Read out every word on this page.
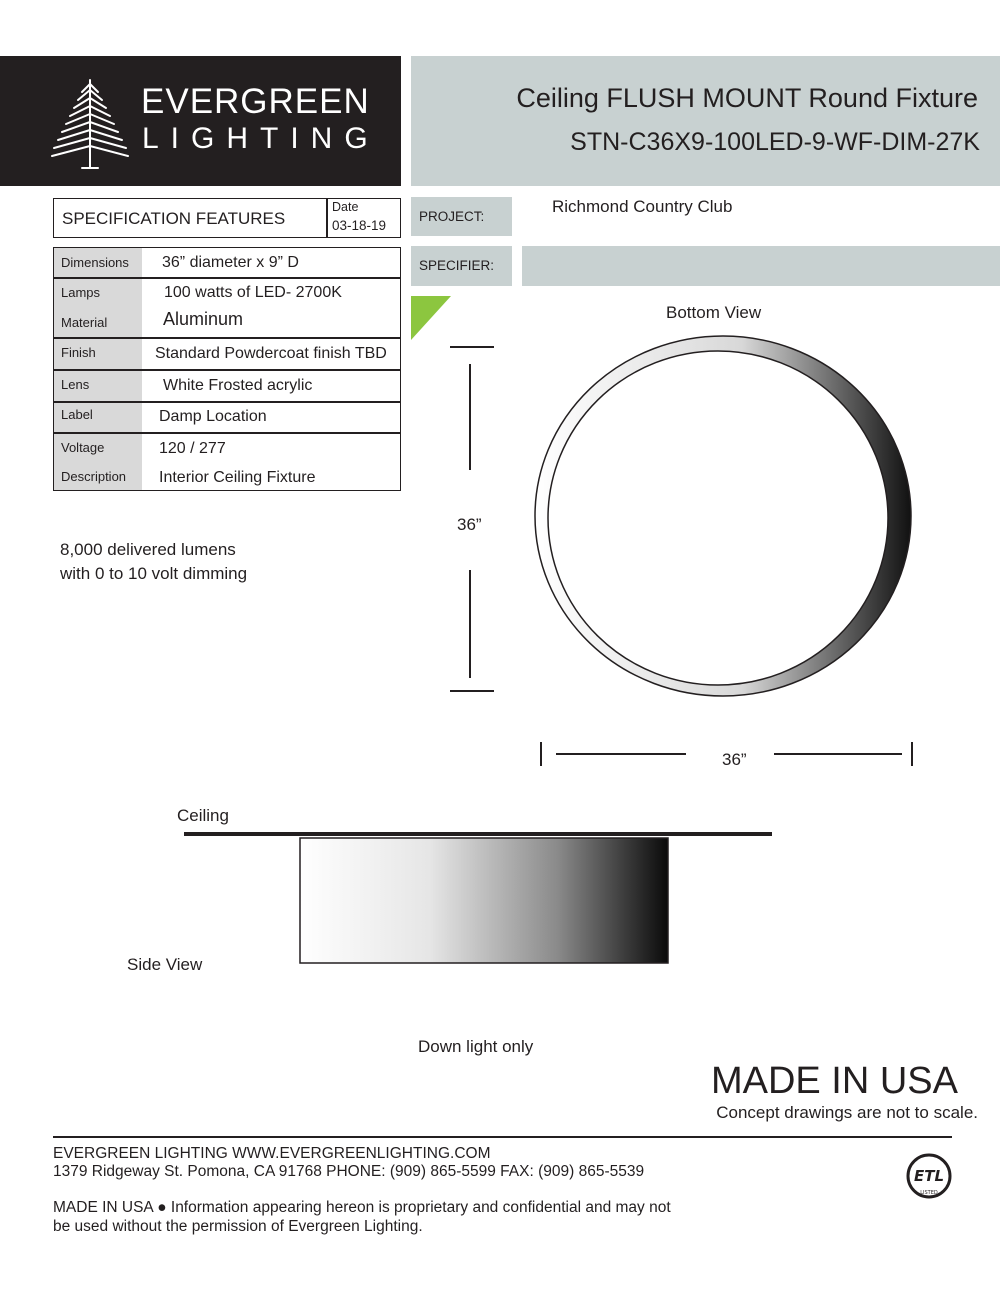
EVERGREEN
LIGHTING
Ceiling FLUSH MOUNT Round Fixture
STN-C36X9-100LED-9-WF-DIM-27K
SPECIFICATION FEATURES
Date
03-18-19
Dimensions 36” diameter x 9” D
Lamps	100 watts of LED- 2700K
Material	Aluminum
Finish	Standard Powdercoat finish TBD
Lens	White Frosted acrylic
Label	Damp Location
Voltage	120 / 277
Description Interior Ceiling Fixture
PROJECT:
Richmond Country Club
SPECIFIER:
8,000 delivered lumens
with 0 to 10 volt dimming
Bottom View
36”
36”
Ceiling
Side View
Down light only
MADE IN USA
Concept drawings are not to scale.
EVERGREEN LIGHTING WWW.EVERGREENLIGHTING.COM
1379 Ridgeway St. Pomona, CA 91768 PHONE: (909) 865-5599 FAX: (909) 865-5539
MADE IN USA ● Information appearing hereon is proprietary and confidential and may not
be used without the permission of Evergreen Lighting.
ETL
LISTED
